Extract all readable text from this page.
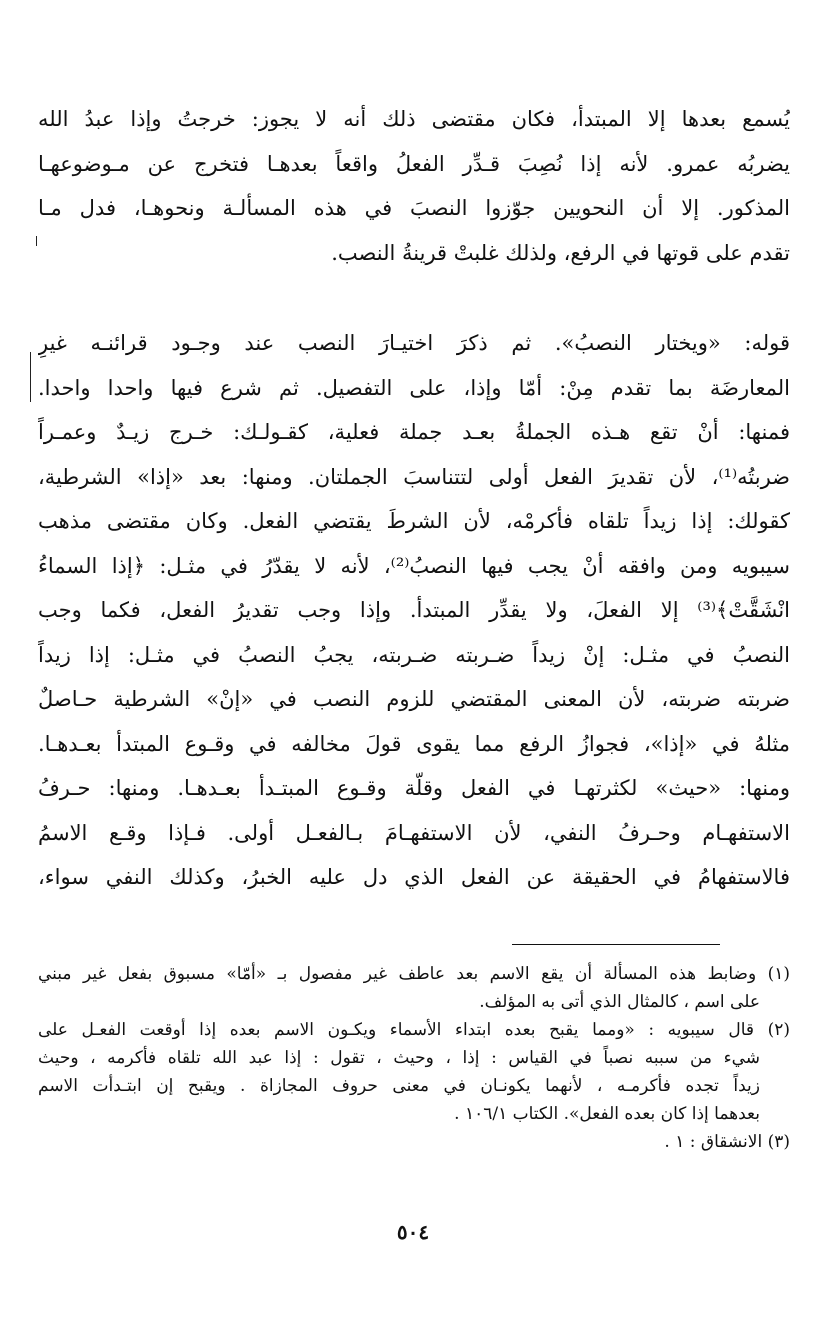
يُسمع بعدها إلا المبتدأ، فكان مقتضى ذلك أنه لا يجوز: خرجتُ وإذا عبدُ الله
يضربُه عمرو. لأنه إذا نُصِبَ قـدِّر الفعلُ واقعاً بعدهـا فتخرج عن مـوضوعهـا
المذكور. إلا أن النحويين جوّزوا النصبَ في هذه المسألـة ونحوهـا، فدل مـا
تقدم على قوتها في الرفع، ولذلك غلبتْ قرينةُ النصب.
قوله: «ويختار النصبُ». ثم ذكرَ اختيـارَ النصب عند وجـود قرائنـه غيرِ
المعارضَة بما تقدم مِنْ: أمّا وإذا، على التفصيل. ثم شرع فيها واحدا واحدا.
فمنها: أنْ تقع هـذه الجملةُ بعـد جملة فعلية، كقـولـك: خـرج زيـدٌ وعمـراً
ضربتُه⁽¹⁾، لأن تقديرَ الفعل أولى لتتناسبَ الجملتان. ومنها: بعد «إذا» الشرطية،
كقولك: إذا زيداً تلقاه فأكرمْه، لأن الشرطَ يقتضي الفعل. وكان مقتضى مذهب
سيبويه ومن وافقه أنْ يجب فيها النصبُ⁽²⁾، لأنه لا يقدّرُ في مثـل: ﴿إذا السماءُ
انْشَقَّتْ﴾⁽³⁾ إلا الفعلَ، ولا يقدِّر المبتدأ. وإذا وجب تقديرُ الفعل، فكما وجب
النصبُ في مثـل: إنْ زيداً ضـربته ضـربته، يجبُ النصبُ في مثـل: إذا زيداً
ضربته ضربته، لأن المعنى المقتضي للزوم النصب في «إنْ» الشرطية حـاصلٌ
مثلهُ في «إذا»، فجوازُ الرفع مما يقوى قولَ مخالفه في وقـوع المبتدأ بعـدهـا.
ومنها: «حيث» لكثرتهـا في الفعل وقلّة وقـوع المبتـدأ بعـدهـا. ومنها: حـرفُ
الاستفهـام وحـرفُ النفي، لأن الاستفهـامَ بـالفعـل أولى. فـإذا وقـع الاسمُ
فالاستفهامُ في الحقيقة عن الفعل الذي دل عليه الخبرُ، وكذلك النفي سواء،
(١) وضابط هذه المسألة أن يقع الاسم بعد عاطف غير مفصول بـ «أمّا» مسبوق بفعل غير مبني
على اسم ، كالمثال الذي أتى به المؤلف.
(٢) قال سيبويه : «ومما يقبح بعده ابتداء الأسماء ويكـون الاسم بعده إذا أوقعت الفعـل على
شيء من سببه نصباً في القياس : إذا ، وحيث ، تقول : إذا عبد الله تلقاه فأكرمه ، وحيث
زيداً تجده فأكرمـه ، لأنهما يكونـان في معنى حروف المجازاة . ويقبح إن ابتـدأت الاسم
بعدهما إذا كان بعده الفعل». الكتاب ١٠٦/١ .
(٣) الانشقاق : ١ .
٥٠٤
